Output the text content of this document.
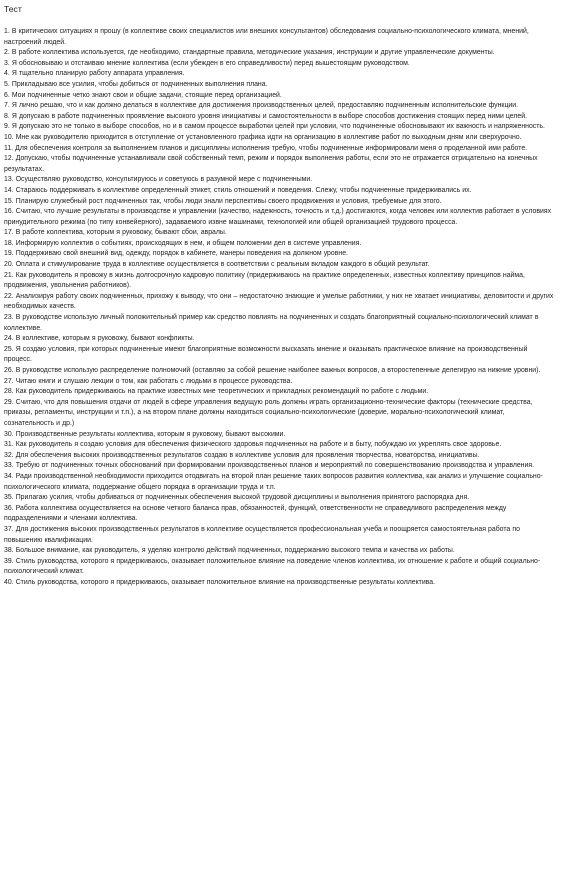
Тест
1. В критических ситуациях я прошу (в коллективе своих специалистов или внешних консультантов) обследования социально-психологического климата, мнений, настроений людей.
2. В работе коллектива используется, где необходимо, стандартные правила, методические указания, инструкции и другие управленческие документы.
3. Я обосновываю и отстаиваю мнение коллектива (если убежден в его справедливости) перед вышестоящим руководством.
4. Я тщательно планирую работу аппарата управления.
5. Прикладываю все усилия, чтобы добиться от подчиненных выполнения плана.
6. Мои подчиненные четко знают свои и общие задачи, стоящие перед организацией.
7. Я лично решаю, что и как должно делаться в коллективе для достижения производственных целей, предоставляю подчиненным исполнительские функции.
8. Я допускаю в работе подчиненных проявление высокого уровня инициативы и самостоятельности в выборе способов достижения стоящих перед ними целей.
9. Я допускаю это не только в выборе способов, но и в самом процессе выработки целей при условии, что подчиненные обосновывают их важность и напряженность.
10. Мне как руководителю приходится в отступление от установленного графика идти на организацию в коллективе работ по выходным дням или сверхурочно.
11. Для обеспечения контроля за выполнением планов и дисциплины исполнения требую, чтобы подчиненные информировали меня о проделанной ими работе.
12. Допускаю, чтобы подчиненные устанавливали свой собственный темп, режим и порядок выполнения работы, если это не отражается отрицательно на конечных результатах.
13. Осуществляю руководство, консультируюсь и советуюсь в разумной мере с подчиненными.
14. Стараюсь поддерживать в коллективе определенный этикет, стиль отношений и поведения. Слежу, чтобы подчиненные придерживались их.
15. Планирую служебный рост подчиненных так, чтобы люди знали перспективы своего продвижения и условия, требуемые для этого.
16. Считаю, что лучшие результаты в производстве и управлении (качество, надежность, точность и т.д.) достигаются, когда человек или коллектив работает в условиях принудительного режима (по типу конвейерного), задаваемого извне машинами, технологией или общей организацией трудового процесса.
17. В работе коллектива, которым я руковожу, бывают сбои, авралы.
18. Информирую коллектив о событиях, происходящих в нем, и общем положении дел в системе управления.
19. Поддерживаю свой внешний вид, одежду, порядок в кабинете, манеры поведения на должном уровне.
20. Оплата и стимулирование труда в коллективе осуществляется в соответствии с реальным вкладом каждого в общий результат.
21. Как руководитель я провожу в жизнь долгосрочную кадровую политику (придерживаюсь на практике определенных, известных коллективу принципов найма, продвижения, увольнения работников).
22. Анализируя работу своих подчиненных, прихожу к выводу, что они – недостаточно знающие и умелые работники, у них не хватает инициативы, деловитости и других необходимых качеств.
23. В руководстве использую личный положительный пример как средство повлиять на подчиненных и создать благоприятный социально-психологический климат в коллективе.
24. В коллективе, которым я руковожу, бывают конфликты.
25. Я создаю условия, при которых подчиненные имеют благоприятные возможности высказать мнение и оказывать практическое влияние на производственный процесс.
26. В руководстве использую распределение полномочий (оставляю за собой решение наиболее важных вопросов, а второстепенные делегирую на нижние уровни).
27. Читаю книги и слушаю лекции о том, как работать с людьми в процессе руководства.
28. Как руководитель придерживаюсь на практике известных мне теоретических и прикладных рекомендаций по работе с людьми.
29. Считаю, что для повышения отдачи от людей в сфере управления ведущую роль должны играть организационно-технические факторы (технические средства, приказы, регламенты, инструкции и т.п.), а на втором плане должны находиться социально-психологические (доверие, морально-психологический климат, сознательность и др.)
30. Производственные результаты коллектива, которым я руковожу, бывают высокими.
31. Как руководитель я создаю условия для обеспечения физического здоровья подчиненных на работе и в быту, побуждаю их укреплять свое здоровье.
32. Для обеспечения высоких производственных результатов создаю в коллективе условия для проявления творчества, новаторства, инициативы.
33. Требую от подчиненных точных обоснований при формировании производственных планов и мероприятий по совершенствованию производства и управления.
34. Ради производственной необходимости приходится отодвигать на второй план решение таких вопросов развития коллектива, как анализ и улучшение социально-психологического климата, поддержание общего порядка в организации труда и т.п.
35. Прилагаю усилия, чтобы добиваться от подчиненных обеспечения высокой трудовой дисциплины и выполнения принятого распорядка дня.
36. Работа коллектива осуществляется на основе четкого баланса прав, обязанностей, функций, ответственности не справедливого распределения между подразделениями и членами коллектива.
37. Для достижения высоких производственных результатов в коллективе осуществляется профессиональная учеба и поощряется самостоятельная работа по повышению квалификации.
38. Большое внимание, как руководитель, я уделяю контролю действий подчиненных, поддержанию высокого темпа и качества их работы.
39. Стиль руководства, которого я придерживаюсь, оказывает положительное влияние на поведение членов коллектива, их отношение к работе и общий социально-психологический климат.
40. Стиль руководства, которого я придерживаюсь, оказывает положительное влияние на производственные результаты коллектива.
